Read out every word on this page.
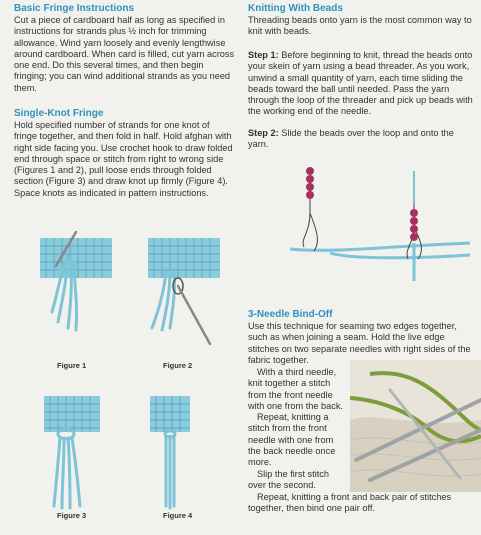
Basic Fringe Instructions

Cut a piece of cardboard half as long as specified in instructions for strands plus ½ inch for trimming allowance. Wind yarn loosely and evenly lengthwise around cardboard. When card is filled, cut yarn across one end. Do this several times, and then begin fringing; you can wind additional strands as you need them.

Single-Knot Fringe

Hold specified number of strands for one knot of fringe together, and then fold in half. Hold afghan with right side facing you. Use crochet hook to draw folded end through space or stitch from right to wrong side (Figures 1 and 2), pull loose ends through folded section (Figure 3) and draw knot up firmly (Figure 4). Space knots as indicated in pattern instructions.

Figure 1	Figure 2
Figure 3	Figure 4
Knitting With Beads

Threading beads onto yarn is the most common way to knit with beads.

Step 1: Before beginning to knit, thread the beads onto your skein of yarn using a bead threader. As you work, unwind a small quantity of yarn, each time sliding the beads toward the ball until needed. Pass the yarn through the loop of the threader and pick up beads with the working end of the needle.

Step 2: Slide the beads over the loop and onto the yarn.

3-Needle Bind-Off

Use this technique for seaming two edges together, such as when joining a seam. Hold the live edge stitches on two separate needles with right sides of the fabric together.

With a third needle, knit together a stitch from the front needle with one from the back.

Repeat, knitting a stitch from the front needle with one from the back needle once more.

Slip the first stitch over the second.

Repeat, knitting a front and back pair of stitches together, then bind one pair off.
